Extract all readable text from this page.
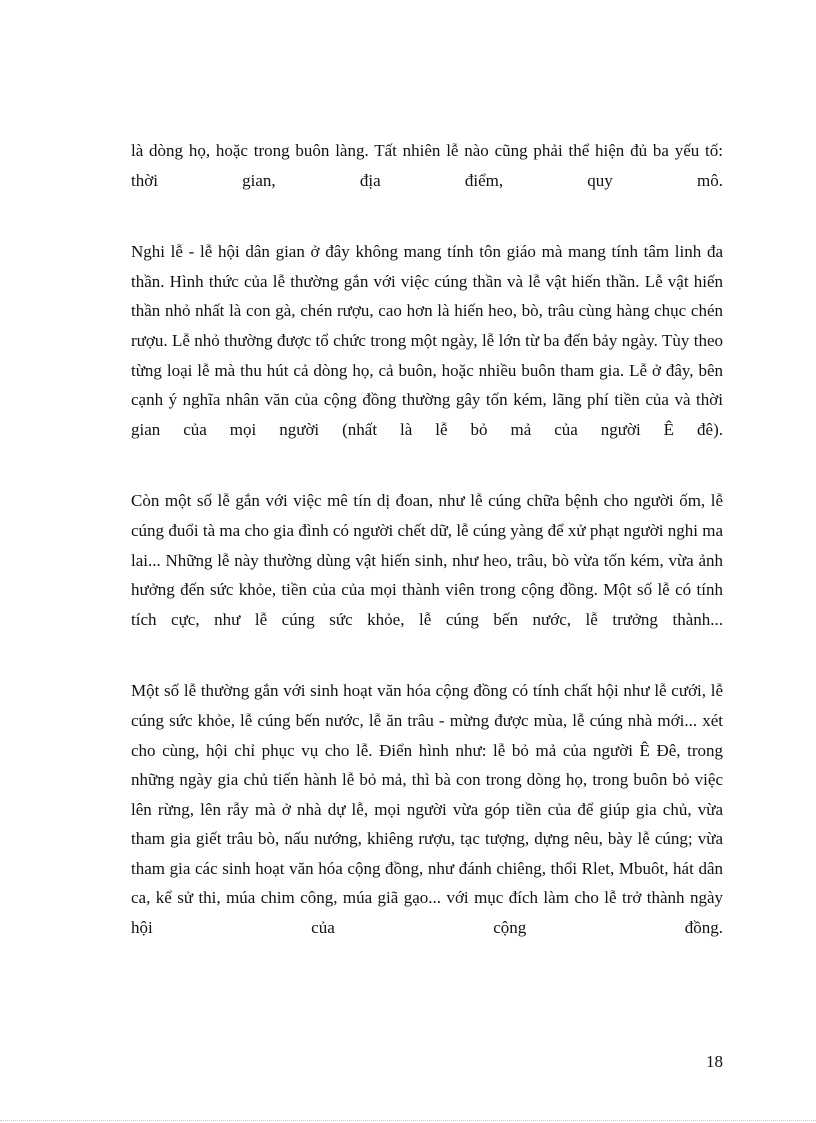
là dòng họ, hoặc trong buôn làng. Tất nhiên lễ nào cũng phải thể hiện đủ ba yếu tố: thời gian, địa điểm, quy mô.

Nghi lễ - lễ hội dân gian ở đây không mang tính tôn giáo mà mang tính tâm linh đa thần. Hình thức của lễ thường gắn với việc cúng thần và lễ vật hiến thần. Lễ vật hiến thần nhỏ nhất là con gà, chén rượu, cao hơn là hiến heo, bò, trâu cùng hàng chục chén rượu. Lễ nhỏ thường được tổ chức trong một ngày, lễ lớn từ ba đến bảy ngày. Tùy theo từng loại lễ mà thu hút cả dòng họ, cả buôn, hoặc nhiều buôn tham gia. Lễ ở đây, bên cạnh ý nghĩa nhân văn của cộng đồng thường gây tốn kém, lãng phí tiền của và thời gian của mọi người (nhất là lễ bỏ mả của người Ê đê).

Còn một số lễ gắn với việc mê tín dị đoan, như lễ cúng chữa bệnh cho người ốm, lễ cúng đuổi tà ma cho gia đình có người chết dữ, lễ cúng yàng để xử phạt người nghi ma lai... Những lễ này thường dùng vật hiến sinh, như heo, trâu, bò vừa tốn kém, vừa ảnh hưởng đến sức khỏe, tiền của của mọi thành viên trong cộng đồng. Một số lễ có tính tích cực, như lễ cúng sức khỏe, lễ cúng bến nước, lễ trưởng thành...

Một số lễ thường gắn với sinh hoạt văn hóa cộng đồng có tính chất hội như lễ cưới, lễ cúng sức khỏe, lễ cúng bến nước, lễ ăn trâu - mừng được mùa, lễ cúng nhà mới... xét cho cùng, hội chỉ phục vụ cho lễ. Điển hình như: lễ bỏ mả của người Ê Đê, trong những ngày gia chủ tiến hành lễ bỏ mả, thì bà con trong dòng họ, trong buôn bỏ việc lên rừng, lên rẫy mà ở nhà dự lễ, mọi người vừa góp tiền của để giúp gia chủ, vừa tham gia giết trâu bò, nấu nướng, khiêng rượu, tạc tượng, dựng nêu, bày lễ cúng; vừa tham gia các sinh hoạt văn hóa cộng đồng, như đánh chiêng, thổi Rlet, Mbuôt, hát dân ca, kể sử thi, múa chim công, múa giã gạo... với mục đích làm cho lễ trở thành ngày hội của cộng đồng.

18
